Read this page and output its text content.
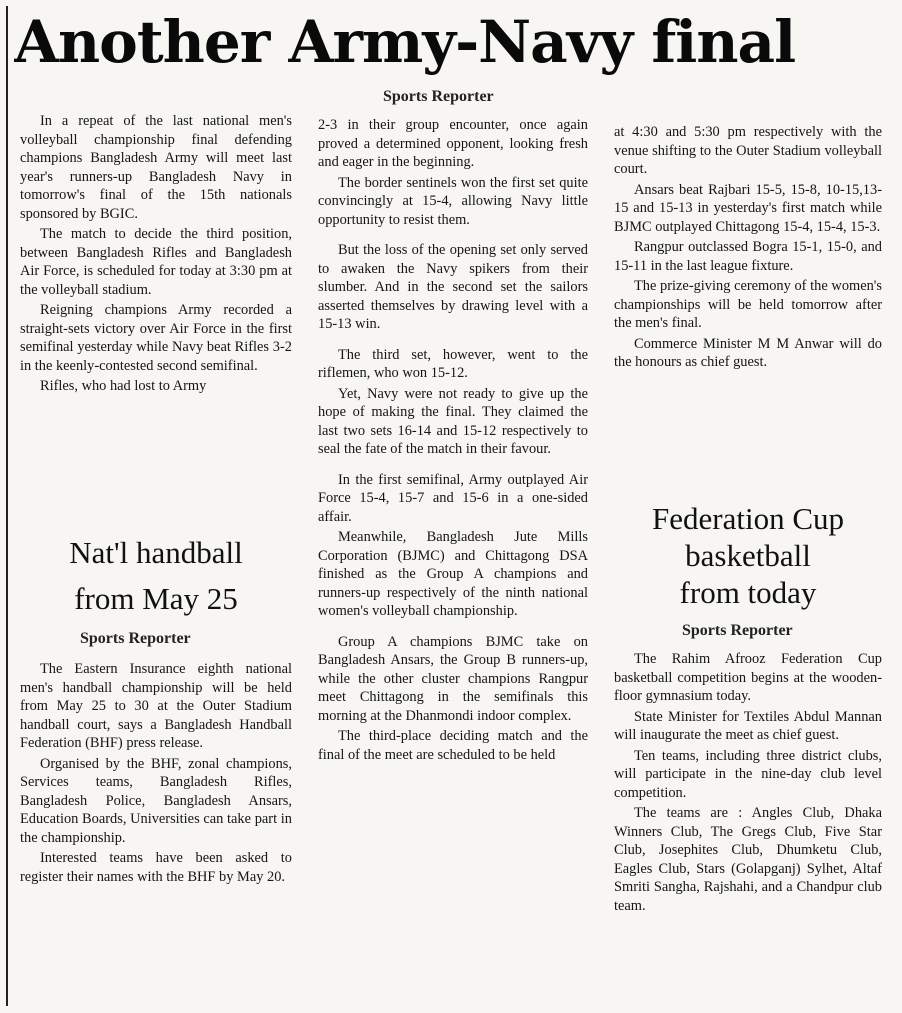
Another Army-Navy final
Sports Reporter

In a repeat of the last national men's volleyball championship final defending champions Bangladesh Army will meet last year's runners-up Bangladesh Navy in tomorrow's final of the 15th nationals sponsored by BGIC.

The match to decide the third position, between Bangladesh Rifles and Bangladesh Air Force, is scheduled for today at 3:30 pm at the volleyball stadium.

Reigning champions Army recorded a straight-sets victory over Air Force in the first semifinal yesterday while Navy beat Rifles 3-2 in the keenly-contested second semifinal.

Rifles, who had lost to Army

Nat'l handball
from May 25
Sports Reporter

The Eastern Insurance eighth national men's handball championship will be held from May 25 to 30 at the Outer Stadium handball court, says a Bangladesh Handball Federation (BHF) press release.

Organised by the BHF, zonal champions, Services teams, Bangladesh Rifles, Bangladesh Police, Bangladesh Ansars, Education Boards, Universities can take part in the championship.

Interested teams have been asked to register their names with the BHF by May 20.

2-3 in their group encounter, once again proved a determined opponent, looking fresh and eager in the beginning.

The border sentinels won the first set quite convincingly at 15-4, allowing Navy little opportunity to resist them.

But the loss of the opening set only served to awaken the Navy spikers from their slumber. And in the second set the sailors asserted themselves by drawing level with a 15-13 win.

The third set, however, went to the riflemen, who won 15-12.

Yet, Navy were not ready to give up the hope of making the final. They claimed the last two sets 16-14 and 15-12 respectively to seal the fate of the match in their favour.

In the first semifinal, Army outplayed Air Force 15-4, 15-7 and 15-6 in a one-sided affair.

Meanwhile, Bangladesh Jute Mills Corporation (BJMC) and Chittagong DSA finished as the Group A champions and runners-up respectively of the ninth national women's volleyball championship.

Group A champions BJMC take on Bangladesh Ansars, the Group B runners-up, while the other cluster champions Rangpur meet Chittagong in the semifinals this morning at the Dhanmondi indoor complex.

The third-place deciding match and the final of the meet are scheduled to be held

at 4:30 and 5:30 pm respectively with the venue shifting to the Outer Stadium volleyball court.

Ansars beat Rajbari 15-5, 15-8, 10-15,13-15 and 15-13 in yesterday's first match while BJMC outplayed Chittagong 15-4, 15-4, 15-3.

Rangpur outclassed Bogra 15-1, 15-0, and 15-11 in the last league fixture.

The prize-giving ceremony of the women's championships will be held tomorrow after the men's final.

Commerce Minister M M Anwar will do the honours as chief guest.

Federation Cup
basketball
from today
Sports Reporter

The Rahim Afrooz Federation Cup basketball competition begins at the wooden-floor gymnasium today.

State Minister for Textiles Abdul Mannan will inaugurate the meet as chief guest.

Ten teams, including three district clubs, will participate in the nine-day club level competition.

The teams are : Angles Club, Dhaka Winners Club, The Gregs Club, Five Star Club, Josephites Club, Dhumketu Club, Eagles Club, Stars (Golapganj) Sylhet, Altaf Smriti Sangha, Rajshahi, and a Chandpur club team.
